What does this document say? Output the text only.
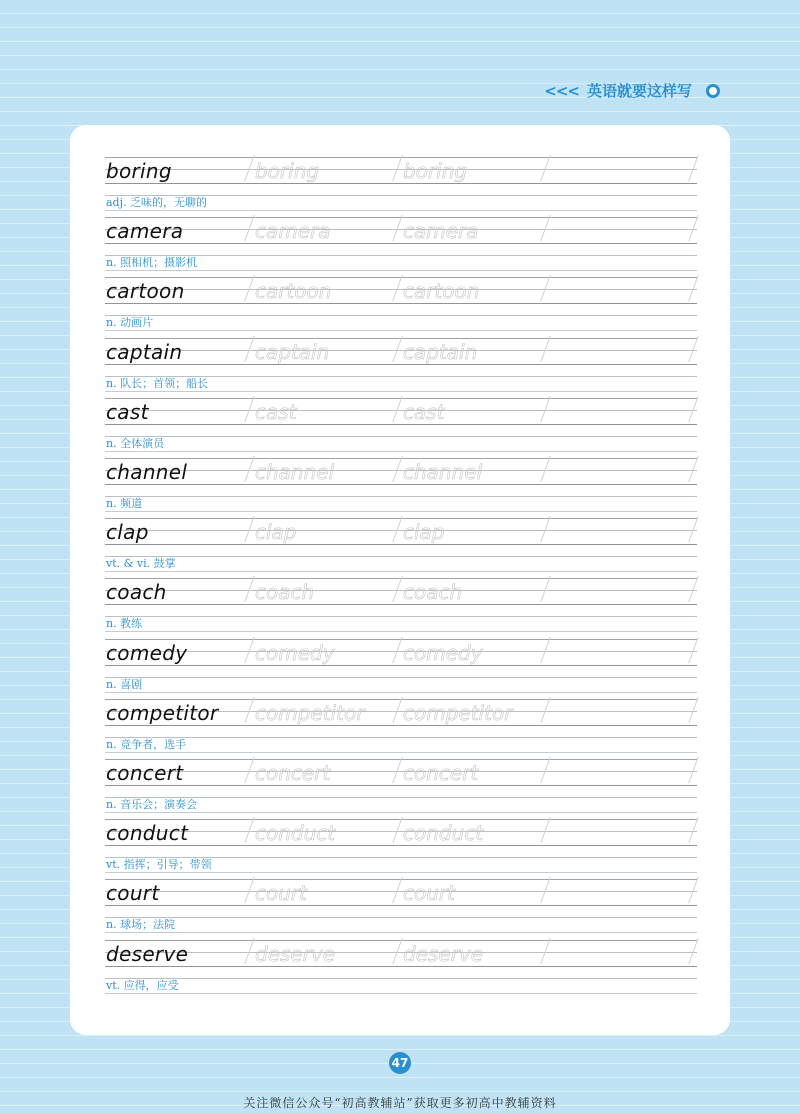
<<< 英语就要这样写
boring	boring	boring
adj. 乏味的，无聊的
camera	camera	camera
n. 照相机；摄影机
cartoon	cartoon	cartoon
n. 动画片
captain	captain	captain
n. 队长；首领；船长
cast	cast	cast
n. 全体演员
channel	channel	channel
n. 频道
clap	clap	clap
vt. & vi. 鼓掌
coach	coach	coach
n. 教练
comedy	comedy	comedy
n. 喜剧
competitor competitor competitor
n. 竞争者，选手
concert	concert	concert
n. 音乐会；演奏会
conduct	conduct	conduct
vt. 指挥；引导；带领
court	court	court
n. 球场；法院
deserve	deserve	deserve
vt. 应得，应受
47
关注微信公众号“初高教辅站”获取更多初高中教辅资料
